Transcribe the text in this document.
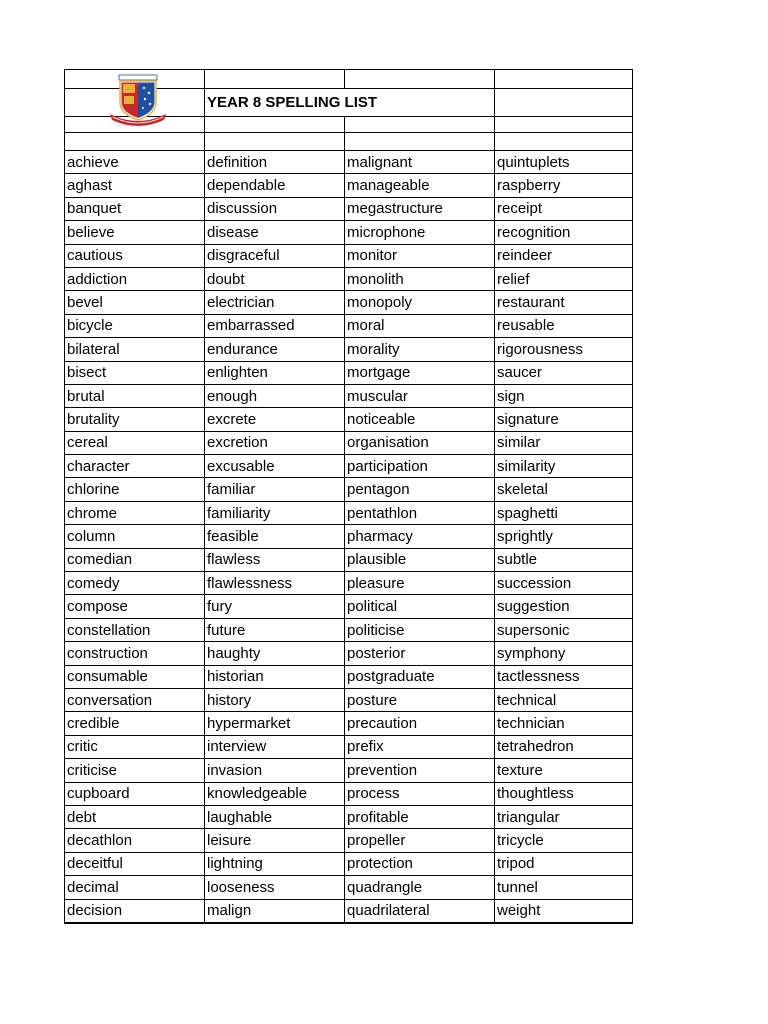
	YEAR 8 SPELLING LIST		

achieve	definition	malignant	quintuplets
aghast	dependable	manageable	raspberry
banquet	discussion	megastructure	receipt
believe	disease	microphone	recognition
cautious	disgraceful	monitor	reindeer
addiction	doubt	monolith	relief
bevel	electrician	monopoly	restaurant
bicycle	embarrassed	moral	reusable
bilateral	endurance	morality	rigorousness
bisect	enlighten	mortgage	saucer
brutal	enough	muscular	sign
brutality	excrete	noticeable	signature
cereal	excretion	organisation	similar
character	excusable	participation	similarity
chlorine	familiar	pentagon	skeletal
chrome	familiarity	pentathlon	spaghetti
column	feasible	pharmacy	sprightly
comedian	flawless	plausible	subtle
comedy	flawlessness	pleasure	succession
compose	fury	political	suggestion
constellation	future	politicise	supersonic
construction	haughty	posterior	symphony
consumable	historian	postgraduate	tactlessness
conversation	history	posture	technical
credible	hypermarket	precaution	technician
critic	interview	prefix	tetrahedron
criticise	invasion	prevention	texture
cupboard	knowledgeable	process	thoughtless
debt	laughable	profitable	triangular
decathlon	leisure	propeller	tricycle
deceitful	lightning	protection	tripod
decimal	looseness	quadrangle	tunnel
decision	malign	quadrilateral	weight
